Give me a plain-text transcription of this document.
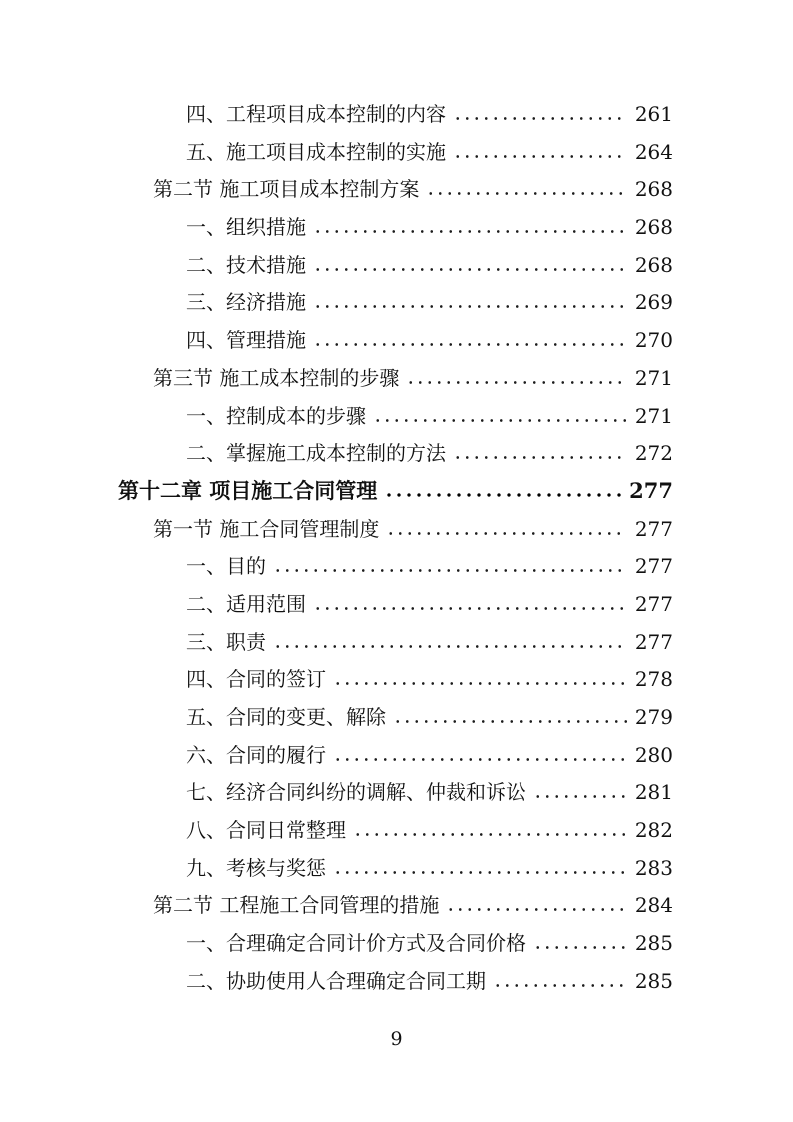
四、工程项目成本控制的内容	261
五、施工项目成本控制的实施	264
第二节 施工项目成本控制方案	268
一、组织措施	268
二、技术措施	268
三、经济措施	269
四、管理措施	270
第三节 施工成本控制的步骤	271
一、控制成本的步骤	271
二、掌握施工成本控制的方法	272
第十二章 项目施工合同管理	277
第一节 施工合同管理制度	277
一、目的	277
二、适用范围	277
三、职责	277
四、合同的签订	278
五、合同的变更、解除	279
六、合同的履行	280
七、经济合同纠纷的调解、仲裁和诉讼	281
八、合同日常整理	282
九、考核与奖惩	283
第二节 工程施工合同管理的措施	284
一、合理确定合同计价方式及合同价格	285
二、协助使用人合理确定合同工期	285
9
